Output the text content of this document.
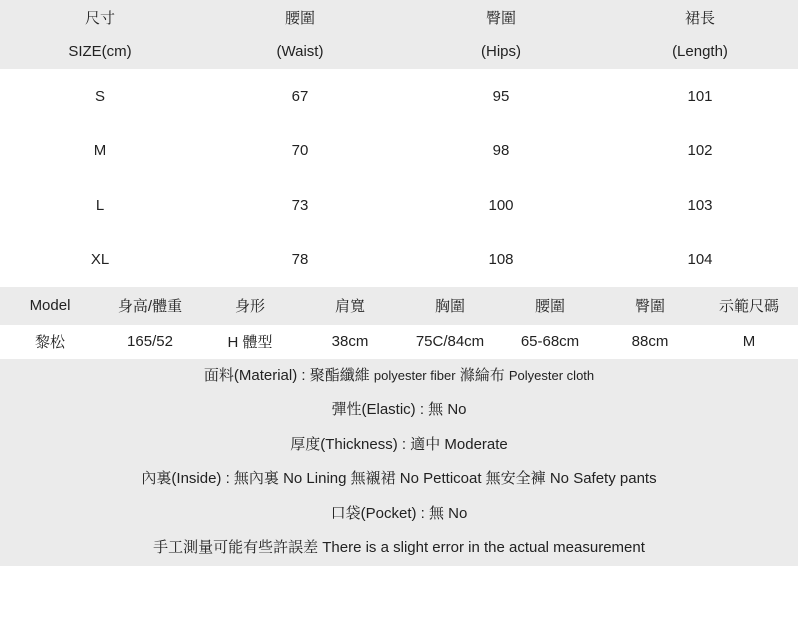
尺寸	腰圍	臀圍	裙長
SIZE(cm)	(Waist)	(Hips)	(Length)
S	67	95	101
M	70	98	102
L	73	100	103
XL	78	108	104
Model	身高/體重	身形	肩寬	胸圍	腰圍	臀圍	示範尺碼
黎松	165/52	H 體型	38cm	75C/84cm	65-68cm	88cm	M
面料(Material) : 聚酯纖維 polyester fiber 滌綸布 Polyester cloth
彈性(Elastic) : 無 No
厚度(Thickness) : 適中 Moderate
內裏(Inside) : 無內裏 No Lining 無襯裙 No Petticoat 無安全褲 No Safety pants
口袋(Pocket) : 無 No
手工測量可能有些許誤差 There is a slight error in the actual measurement
